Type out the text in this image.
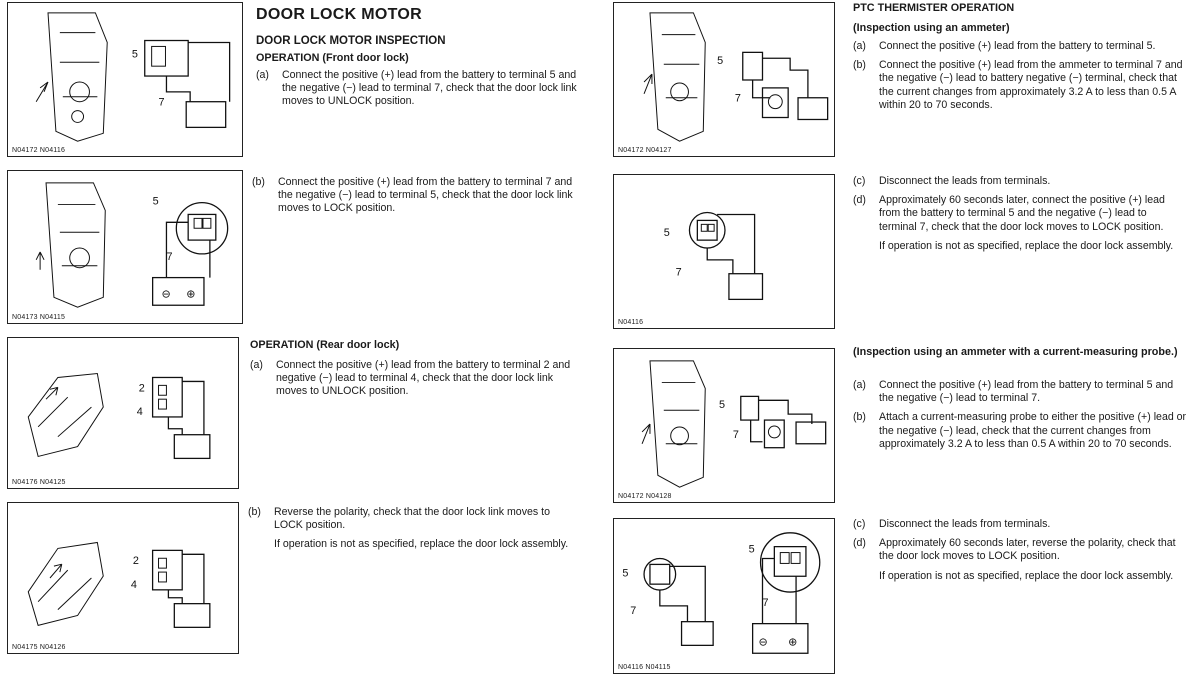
5
7
N04172 N04116
⊖ ⊕
5
7
N04173 N04115
2
4
N04176 N04125
2
4
N04175 N04126
5
7
N04172 N04127
5
7
N04116
5
7
N04172 N04128
⊖ ⊕
5
7
5
7
N04116 N04115
DOOR LOCK MOTOR
DOOR LOCK MOTOR INSPECTION
OPERATION (Front door lock)
(a) Connect the positive (+) lead from the battery to terminal 5 and the negative (−) lead to terminal 7, check that the door lock link moves to UNLOCK position.
(b) Connect the positive (+) lead from the battery to terminal 7 and the negative (−) lead to terminal 5, check that the door lock link moves to LOCK position.
OPERATION (Rear door lock)
(a) Connect the positive (+) lead from the battery to terminal 2 and negative (−) lead to terminal 4, check that the door lock link moves to UNLOCK position.
(b) Reverse the polarity, check that the door lock link moves to LOCK position.
If operation is not as specified, replace the door lock assembly.
PTC THERMISTER OPERATION
(Inspection using an ammeter)
(a) Connect the positive (+) lead from the battery to terminal 5.
(b) Connect the positive (+) lead from the ammeter to terminal 7 and the negative (−) lead to battery negative (−) terminal, check that the current changes from approximately 3.2 A to less than 0.5 A within 20 to 70 seconds.
(c) Disconnect the leads from terminals.
(d) Approximately 60 seconds later, connect the positive (+) lead from the battery to terminal 5 and the negative (−) lead to terminal 7, check that the door lock moves to LOCK position.
If operation is not as specified, replace the door lock assembly.
(Inspection using an ammeter with a current-measuring probe.)
(a) Connect the positive (+) lead from the battery to terminal 5 and the negative (−) lead to terminal 7.
(b) Attach a current-measuring probe to either the positive (+) lead or the negative (−) lead, check that the current changes from approximately 3.2 A to less than 0.5 A within 20 to 70 seconds.
(c) Disconnect the leads from terminals.
(d) Approximately 60 seconds later, reverse the polarity, check that the door lock moves to LOCK position.
If operation is not as specified, replace the door lock assembly.
